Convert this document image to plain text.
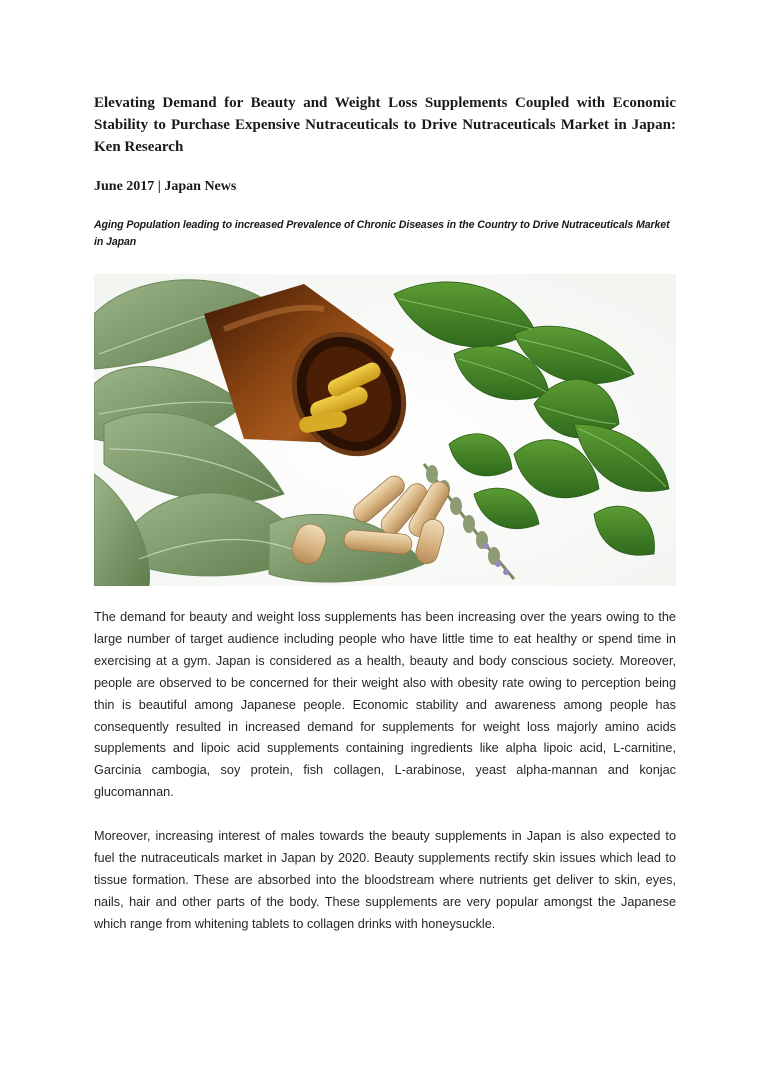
Elevating Demand for Beauty and Weight Loss Supplements Coupled with Economic Stability to Purchase Expensive Nutraceuticals to Drive Nutraceuticals Market in Japan: Ken Research

June 2017 | Japan News

Aging Population leading to increased Prevalence of Chronic Diseases in the Country to Drive Nutraceuticals Market in Japan

The demand for beauty and weight loss supplements has been increasing over the years owing to the large number of target audience including people who have little time to eat healthy or spend time in exercising at a gym. Japan is considered as a health, beauty and body conscious society. Moreover, people are observed to be concerned for their weight also with obesity rate owing to perception being thin is beautiful among Japanese people. Economic stability and awareness among people has consequently resulted in increased demand for supplements for weight loss majorly amino acids supplements and lipoic acid supplements containing ingredients like alpha lipoic acid, L-carnitine, Garcinia cambogia, soy protein, fish collagen, L-arabinose, yeast alpha-mannan and konjac glucomannan.

Moreover, increasing interest of males towards the beauty supplements in Japan is also expected to fuel the nutraceuticals market in Japan by 2020. Beauty supplements rectify skin issues which lead to tissue formation. These are absorbed into the bloodstream where nutrients get deliver to skin, eyes, nails, hair and other parts of the body. These supplements are very popular amongst the Japanese which range from whitening tablets to collagen drinks with honeysuckle.
